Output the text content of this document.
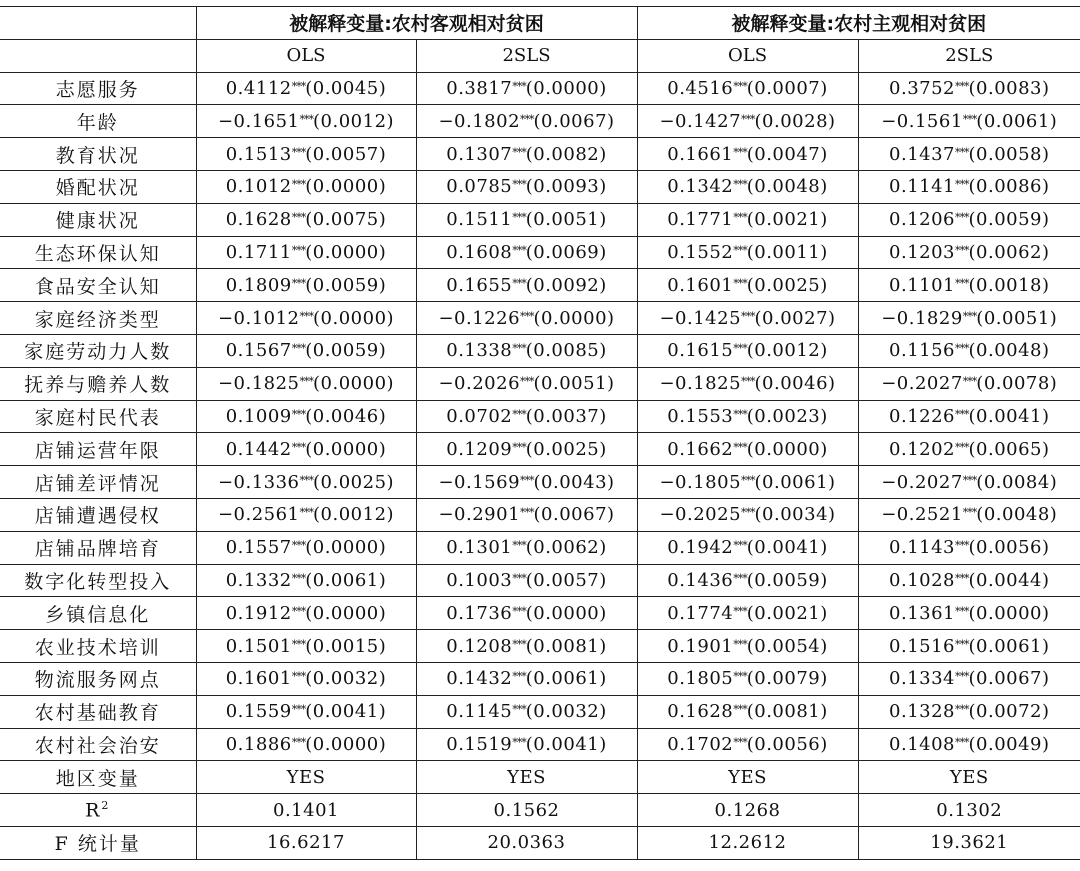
	被解释变量:农村客观相对贫困		被解释变量:农村主观相对贫困	
	OLS	2SLS	OLS	2SLS
志愿服务	0.4112***(0.0045)	0.3817***(0.0000)	0.4516***(0.0007)	0.3752***(0.0083)
年龄	−0.1651***(0.0012)	−0.1802***(0.0067)	−0.1427***(0.0028)	−0.1561***(0.0061)
教育状况	0.1513***(0.0057)	0.1307***(0.0082)	0.1661***(0.0047)	0.1437***(0.0058)
婚配状况	0.1012***(0.0000)	0.0785***(0.0093)	0.1342***(0.0048)	0.1141***(0.0086)
健康状况	0.1628***(0.0075)	0.1511***(0.0051)	0.1771***(0.0021)	0.1206***(0.0059)
生态环保认知	0.1711***(0.0000)	0.1608***(0.0069)	0.1552***(0.0011)	0.1203***(0.0062)
食品安全认知	0.1809***(0.0059)	0.1655***(0.0092)	0.1601***(0.0025)	0.1101***(0.0018)
家庭经济类型	−0.1012***(0.0000)	−0.1226***(0.0000)	−0.1425***(0.0027)	−0.1829***(0.0051)
家庭劳动力人数	0.1567***(0.0059)	0.1338***(0.0085)	0.1615***(0.0012)	0.1156***(0.0048)
抚养与赡养人数	−0.1825***(0.0000)	−0.2026***(0.0051)	−0.1825***(0.0046)	−0.2027***(0.0078)
家庭村民代表	0.1009***(0.0046)	0.0702***(0.0037)	0.1553***(0.0023)	0.1226***(0.0041)
店铺运营年限	0.1442***(0.0000)	0.1209***(0.0025)	0.1662***(0.0000)	0.1202***(0.0065)
店铺差评情况	−0.1336***(0.0025)	−0.1569***(0.0043)	−0.1805***(0.0061)	−0.2027***(0.0084)
店铺遭遇侵权	−0.2561***(0.0012)	−0.2901***(0.0067)	−0.2025***(0.0034)	−0.2521***(0.0048)
店铺品牌培育	0.1557***(0.0000)	0.1301***(0.0062)	0.1942***(0.0041)	0.1143***(0.0056)
数字化转型投入	0.1332***(0.0061)	0.1003***(0.0057)	0.1436***(0.0059)	0.1028***(0.0044)
乡镇信息化	0.1912***(0.0000)	0.1736***(0.0000)	0.1774***(0.0021)	0.1361***(0.0000)
农业技术培训	0.1501***(0.0015)	0.1208***(0.0081)	0.1901***(0.0054)	0.1516***(0.0061)
物流服务网点	0.1601***(0.0032)	0.1432***(0.0061)	0.1805***(0.0079)	0.1334***(0.0067)
农村基础教育	0.1559***(0.0041)	0.1145***(0.0032)	0.1628***(0.0081)	0.1328***(0.0072)
农村社会治安	0.1886***(0.0000)	0.1519***(0.0041)	0.1702***(0.0056)	0.1408***(0.0049)
地区变量	YES	YES	YES	YES
$R^2$	0.1401	0.1562	0.1268	0.1302
F 统计量	16.6217	20.0363	12.2612	19.3621
